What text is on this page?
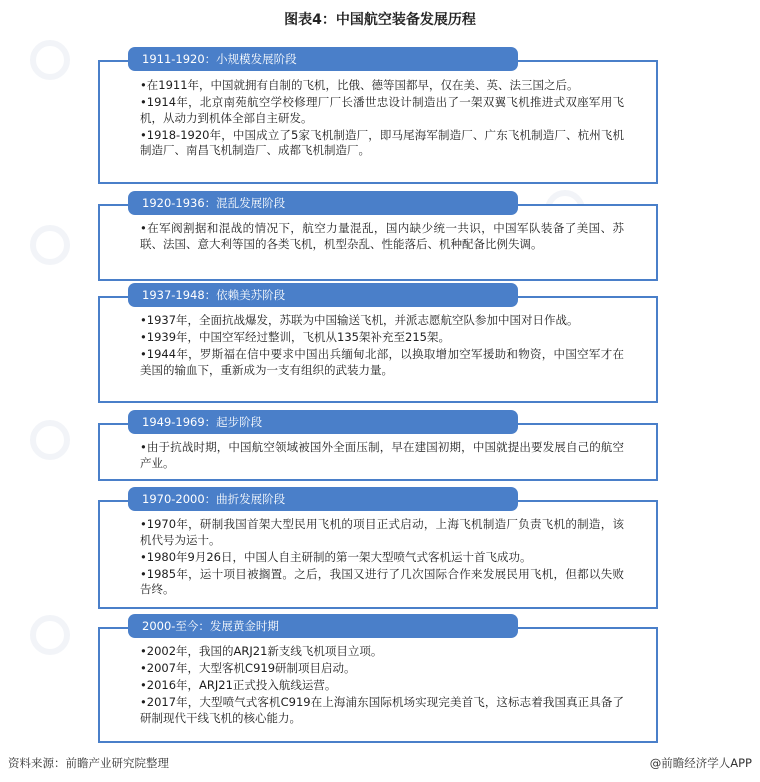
图表4：中国航空装备发展历程
1911-1920：小规模发展阶段
•在1911年，中国就拥有自制的飞机，比俄、德等国都早，仅在美、英、法三国之后。
•1914年，北京南苑航空学校修理厂厂长潘世忠设计制造出了一架双翼飞机推进式双座军用飞机，从动力到机体全部自主研发。
•1918-1920年，中国成立了5家飞机制造厂，即马尾海军制造厂、广东飞机制造厂、杭州飞机制造厂、南昌飞机制造厂、成都飞机制造厂。
1920-1936：混乱发展阶段
•在军阀割据和混战的情况下，航空力量混乱，国内缺少统一共识，中国军队装备了美国、苏联、法国、意大利等国的各类飞机，机型杂乱、性能落后、机种配备比例失调。
1937-1948：依赖美苏阶段
•1937年，全面抗战爆发，苏联为中国输送飞机，并派志愿航空队参加中国对日作战。
•1939年，中国空军经过整训，飞机从135架补充至215架。
•1944年，罗斯福在信中要求中国出兵缅甸北部，以换取增加空军援助和物资，中国空军才在美国的输血下，重新成为一支有组织的武装力量。
1949-1969：起步阶段
•由于抗战时期，中国航空领域被国外全面压制，早在建国初期，中国就提出要发展自己的航空产业。
1970-2000：曲折发展阶段
•1970年，研制我国首架大型民用飞机的项目正式启动，上海飞机制造厂负责飞机的制造，该机代号为运十。
•1980年9月26日，中国人自主研制的第一架大型喷气式客机运十首飞成功。
•1985年，运十项目被搁置。之后，我国又进行了几次国际合作来发展民用飞机，但都以失败告终。
2000-至今：发展黄金时期
•2002年，我国的ARJ21新支线飞机项目立项。
•2007年，大型客机C919研制项目启动。
•2016年，ARJ21正式投入航线运营。
•2017年，大型喷气式客机C919在上海浦东国际机场实现完美首飞，这标志着我国真正具备了研制现代干线飞机的核心能力。
资料来源：前瞻产业研究院整理	@前瞻经济学人APP
